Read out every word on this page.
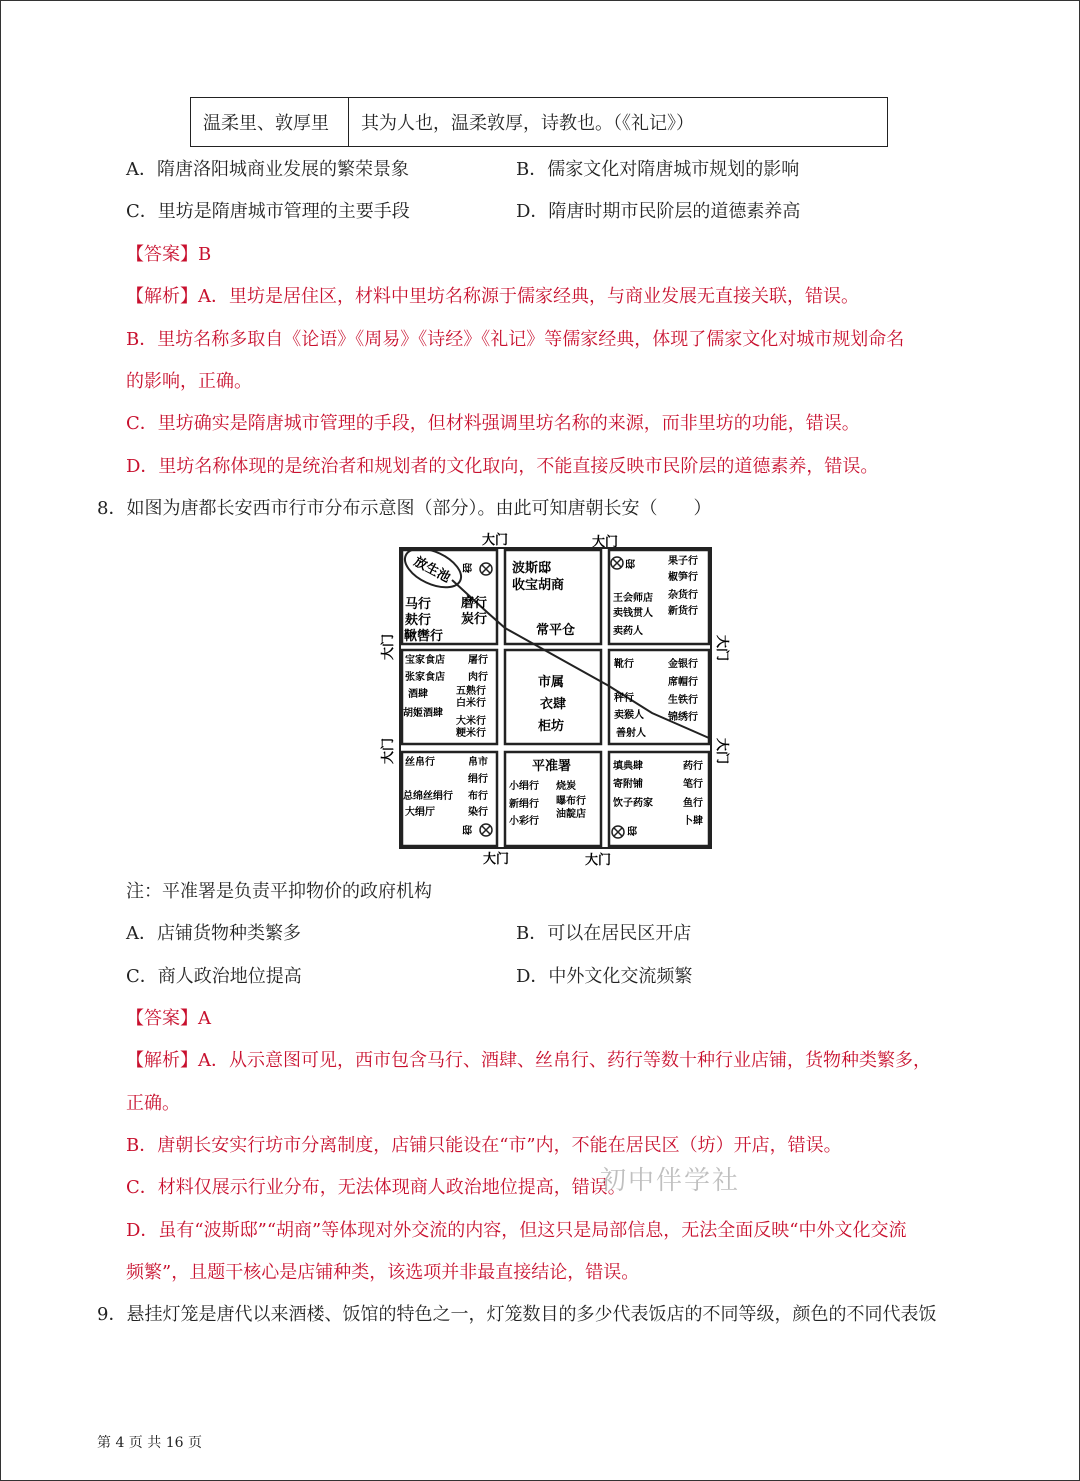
温柔里、敦厚里	其为人也，温柔敦厚，诗教也。（《礼记》）
A．隋唐洛阳城商业发展的繁荣景象	B．儒家文化对隋唐城市规划的影响
C．里坊是隋唐城市管理的主要手段	D．隋唐时期市民阶层的道德素养高
【答案】B
【解析】A．里坊是居住区，材料中里坊名称源于儒家经典，与商业发展无直接关联，错误。
B．里坊名称多取自《论语》《周易》《诗经》《礼记》等儒家经典，体现了儒家文化对城市规划命名
的影响，正确。
C．里坊确实是隋唐城市管理的手段，但材料强调里坊名称的来源，而非里坊的功能，错误。
D．里坊名称体现的是统治者和规划者的文化取向，不能直接反映市民阶层的道德素养，错误。
8．如图为唐都长安西市行市分布示意图（部分）。由此可知唐朝长安（　　）
大门	大门
大门	大门
大门
大门
大门
大门
放生池 邸
马行 磨行
麸行 炭行
鞦辔行
波斯邸
收宝胡商
常平仓
邸	果子行
椒笋行
王会师店 杂货行
卖钱贯人 新货行
卖药人
宝家食店 屠行
张家食店 肉行
酒肆	五熟行
白米行
胡姬酒肆
大米行
粳米行
市属
衣肆
柜坊
靴行	金银行
席帽行
秤行	生铁行
卖猴人 锦绣行
善射人
丝帛行	帛市
绢行
总绵丝绢行 布行
大绢厅	染行
邸
平准署
小绢行 烧炭
新绢行 曝布行
小彩行
油靛店
填典肆	药行
寄附铺	笔行
饮子药家	鱼行
卜肆
邸
注：平准署是负责平抑物价的政府机构
A．店铺货物种类繁多	B．可以在居民区开店
C．商人政治地位提高	D．中外文化交流频繁
【答案】A
【解析】A．从示意图可见，西市包含马行、酒肆、丝帛行、药行等数十种行业店铺，货物种类繁多，
正确。
B．唐朝长安实行坊市分离制度，店铺只能设在“市”内，不能在居民区（坊）开店，错误。
C．材料仅展示行业分布，无法体现商人政治地位提高，错误。
D．虽有“波斯邸”“胡商”等体现对外交流的内容，但这只是局部信息，无法全面反映“中外文化交流
频繁”，且题干核心是店铺种类，该选项并非最直接结论，错误。
初中伴学社
9．悬挂灯笼是唐代以来酒楼、饭馆的特色之一，灯笼数目的多少代表饭店的不同等级，颜色的不同代表饭
第 4 页 共 16 页
